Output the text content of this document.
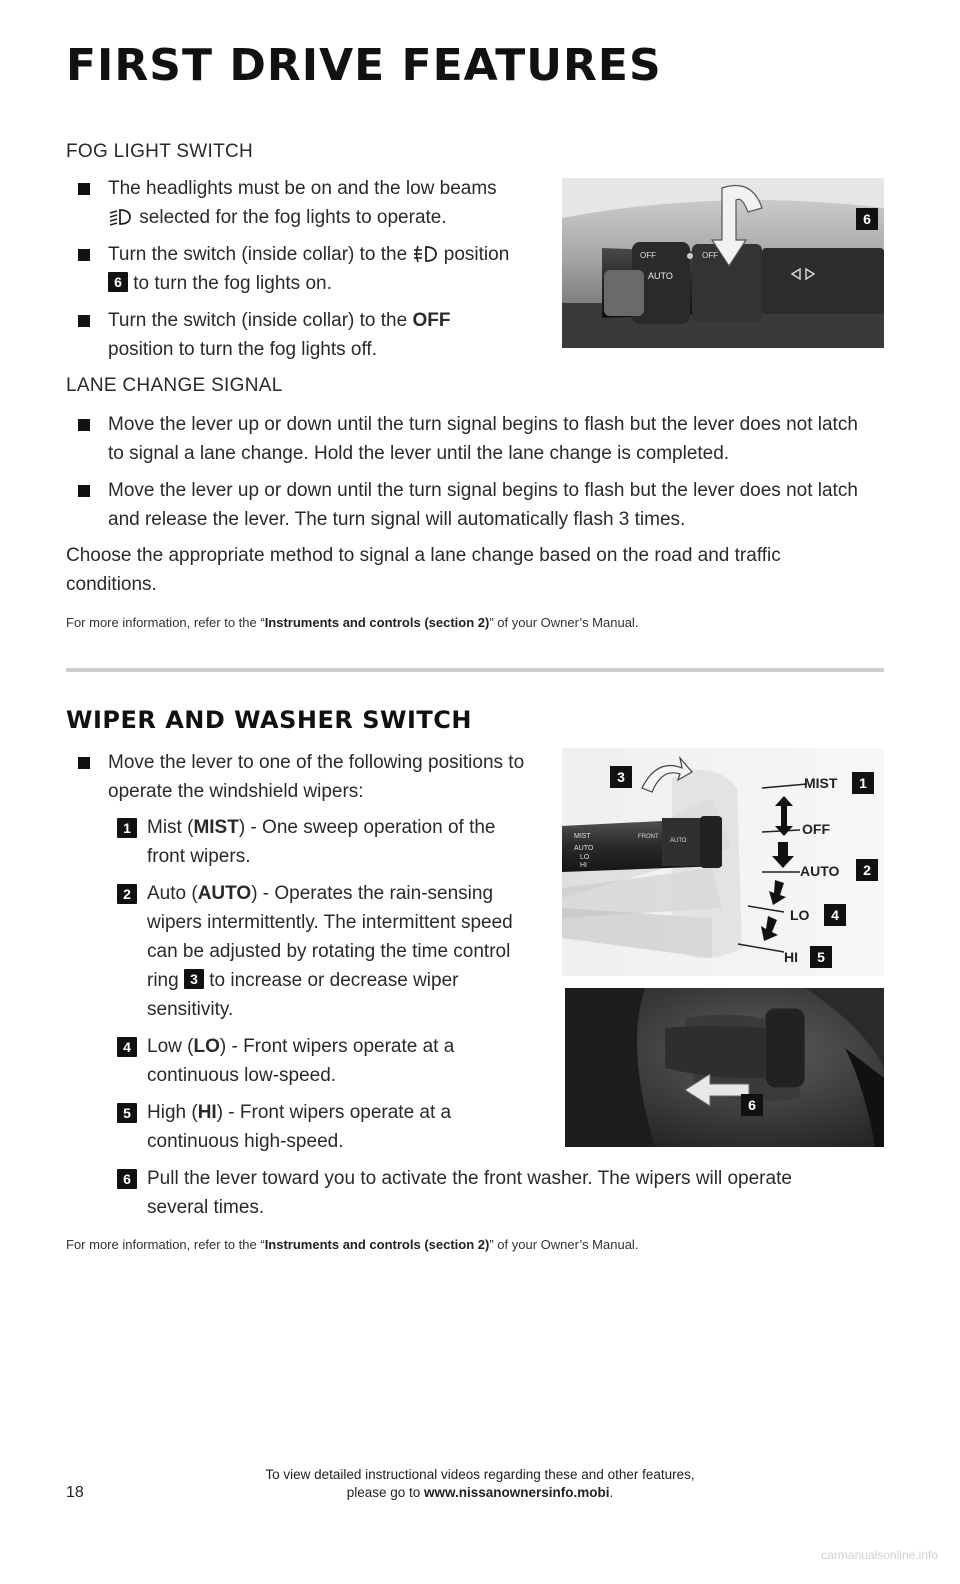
FIRST DRIVE FEATURES
FOG LIGHT SWITCH
The headlights must be on and the low beams
selected for the fog lights to operate.
Turn the switch (inside collar) to the position
6 to turn the fog lights on.
Turn the switch (inside collar) to the OFF
position to turn the fog lights off.
OFF	OFF
AUTO
6
LANE CHANGE SIGNAL
Move the lever up or down until the turn signal begins to flash but the lever does not latch to signal a lane change. Hold the lever until the lane change is completed.
Move the lever up or down until the turn signal begins to flash but the lever does not latch and release the lever. The turn signal will automatically flash 3 times.
Choose the appropriate method to signal a lane change based on the road and traffic conditions.
For more information, refer to the “Instruments and controls (section 2)” of your Owner’s Manual.
WIPER AND WASHER SWITCH
Move the lever to one of the following positions to operate the windshield wipers:
1 Mist (MIST) - One sweep operation of the front wipers.
2 Auto (AUTO) - Operates the rain-sensing wipers intermittently. The intermittent speed can be adjusted by rotating the time control ring 3 to increase or decrease wiper sensitivity.
4 Low (LO) - Front wipers operate at a continuous low-speed.
5 High (HI) - Front wipers operate at a continuous high-speed.
6 Pull the lever toward you to activate the front washer. The wipers will operate several times.
For more information, refer to the “Instruments and controls (section 2)” of your Owner’s Manual.
MIST
AUTO
LO
HI
FRONT
AUTO
3	MIST 1
OFF
AUTO 2
LO 4
HI 5
6
18
To view detailed instructional videos regarding these and other features,
please go to www.nissanownersinfo.mobi.
carmanualsonline.info
